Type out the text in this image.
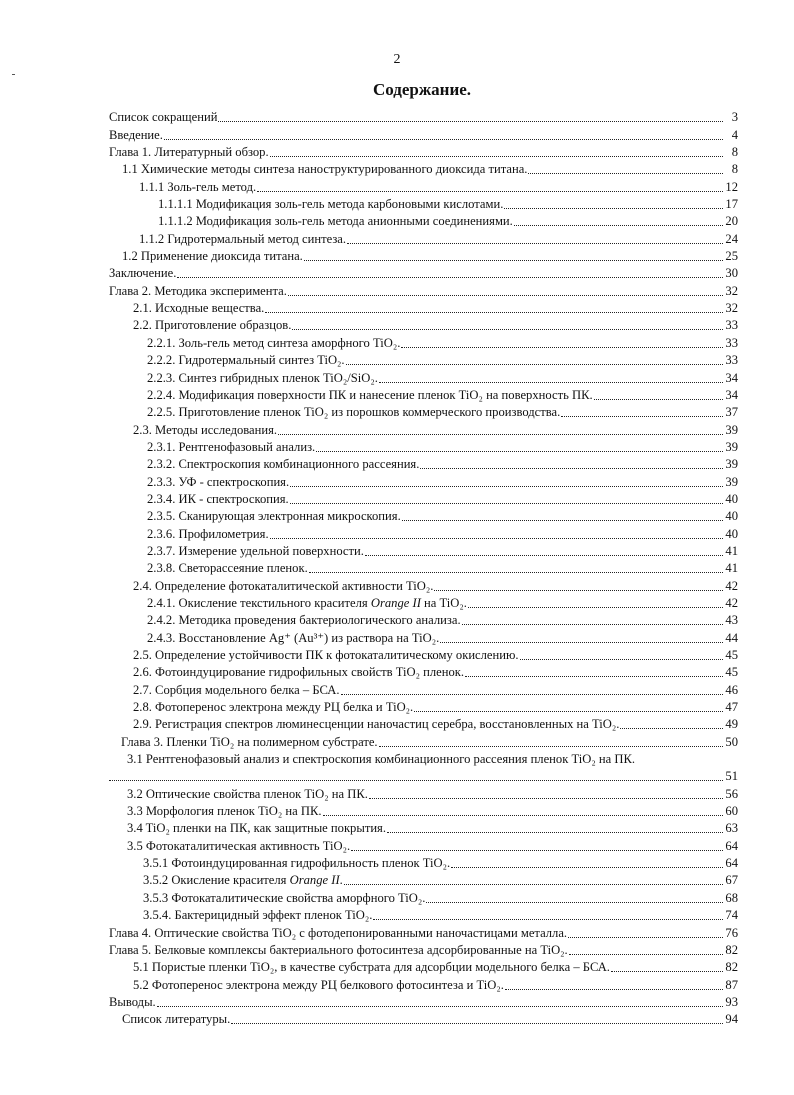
2
Содержание.
Список сокращений	3
Введение.	4
Глава 1. Литературный обзор.	8
1.1 Химические методы синтеза наноструктурированного диоксида титана.	8
1.1.1 Золь-гель метод.	12
1.1.1.1 Модификация золь-гель метода карбоновыми кислотами.	17
1.1.1.2 Модификация золь-гель метода анионными соединениями.	20
1.1.2 Гидротермальный метод синтеза.	24
1.2 Применение диоксида титана.	25
Заключение.	30
Глава 2. Методика эксперимента.	32
2.1. Исходные вещества.	32
2.2. Приготовление образцов.	33
2.2.1. Золь-гель метод синтеза аморфного TiO₂.	33
2.2.2. Гидротермальный синтез TiO₂.	33
2.2.3. Синтез гибридных пленок TiO₂/SiO₂.	34
2.2.4. Модификация поверхности ПК и нанесение пленок TiO₂ на поверхность ПК.	34
2.2.5. Приготовление пленок TiO₂ из порошков коммерческого производства.	37
2.3. Методы исследования.	39
2.3.1. Рентгенофазовый анализ.	39
2.3.2. Спектроскопия комбинационного рассеяния.	39
2.3.3. УФ - спектроскопия.	39
2.3.4. ИК - спектроскопия.	40
2.3.5. Сканирующая электронная микроскопия.	40
2.3.6. Профилометрия.	40
2.3.7. Измерение удельной поверхности.	41
2.3.8. Светорассеяние пленок.	41
2.4. Определение фотокаталитической активности TiO₂.	42
2.4.1. Окисление текстильного красителя Orange II на TiO₂.	42
2.4.2. Методика проведения бактериологического анализа.	43
2.4.3. Восстановление Ag⁺ (Au³⁺) из раствора на TiO₂.	44
2.5. Определение устойчивости ПК к фотокаталитическому окислению.	45
2.6. Фотоиндуцирование гидрофильных свойств TiO₂ пленок.	45
2.7. Сорбция модельного белка – БСА.	46
2.8. Фотоперенос электрона между РЦ белка и TiO₂.	47
2.9. Регистрация спектров люминесценции наночастиц серебра, восстановленных на TiO₂.	49
Глава 3. Пленки TiO₂ на полимерном субстрате.	50
3.1 Рентгенофазовый анализ и спектроскопия комбинационного рассеяния пленок TiO₂ на ПК.
51
3.2 Оптические свойства пленок TiO₂ на ПК.	56
3.3 Морфология пленок TiO₂ на ПК.	60
3.4 TiO₂ пленки на ПК, как защитные покрытия.	63
3.5 Фотокаталитическая активность TiO₂.	64
3.5.1 Фотоиндуцированная гидрофильность пленок TiO₂.	64
3.5.2 Окисление красителя Orange II.	67
3.5.3 Фотокаталитические свойства аморфного TiO₂.	68
3.5.4. Бактерицидный эффект пленок TiO₂.	74
Глава 4. Оптические свойства TiO₂ с фотодепонированными наночастицами металла.	76
Глава 5. Белковые комплексы бактериального фотосинтеза адсорбированные на TiO₂.	82
5.1 Пористые пленки TiO₂, в качестве субстрата для адсорбции модельного белка – БСА.	82
5.2 Фотоперенос электрона между РЦ белкового фотосинтеза и TiO₂.	87
Выводы.	93
Список литературы.	94
